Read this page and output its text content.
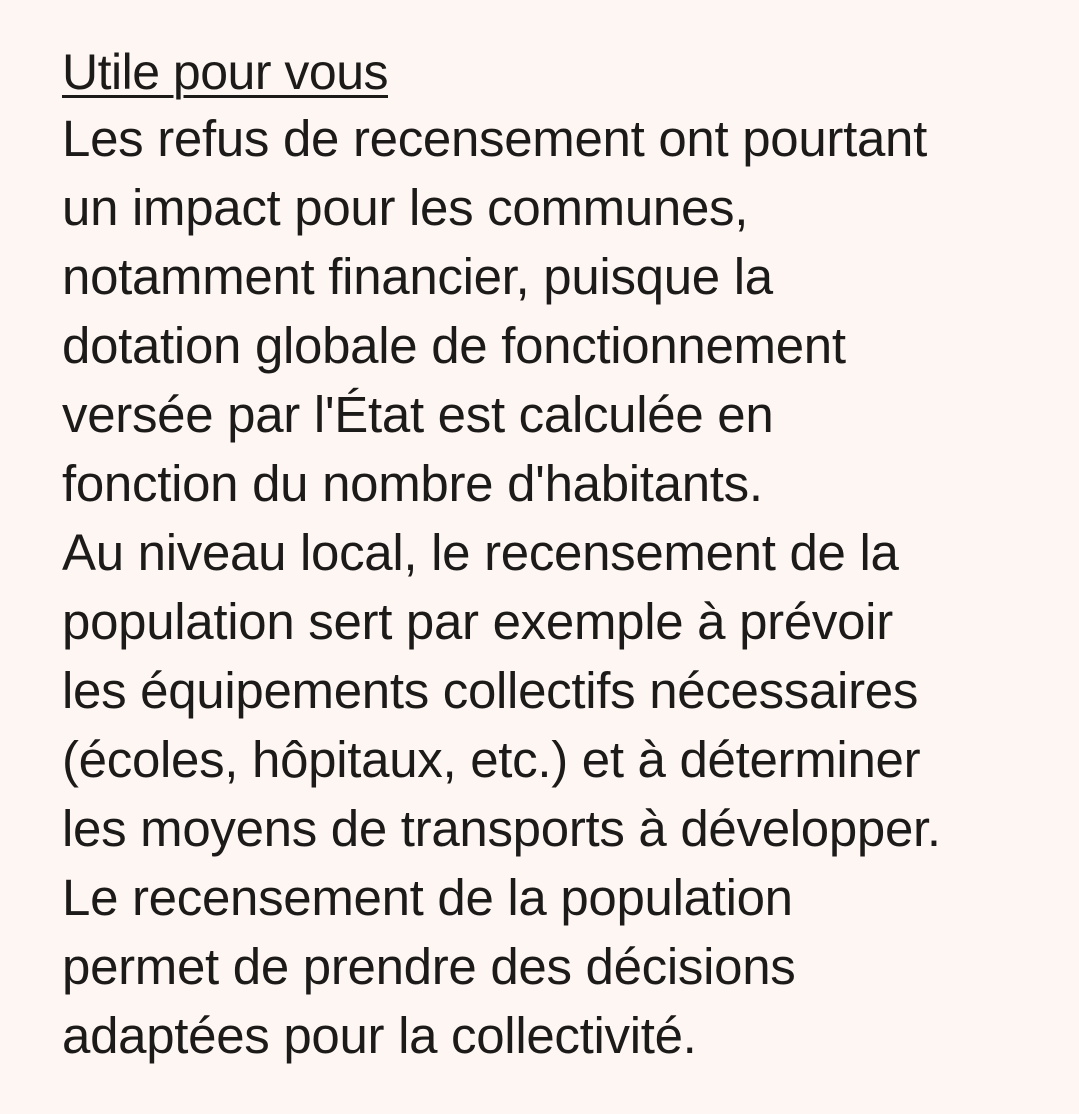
Utile pour vous
Les refus de recensement ont pourtant
un impact pour les communes,
notamment financier, puisque la
dotation globale de fonctionnement
versée par l'État est calculée en
fonction du nombre d'habitants.
Au niveau local, le recensement de la
population sert par exemple à prévoir
les équipements collectifs nécessaires
(écoles, hôpitaux, etc.) et à déterminer
les moyens de transports à développer.
Le recensement de la population
permet de prendre des décisions
adaptées pour la collectivité.
